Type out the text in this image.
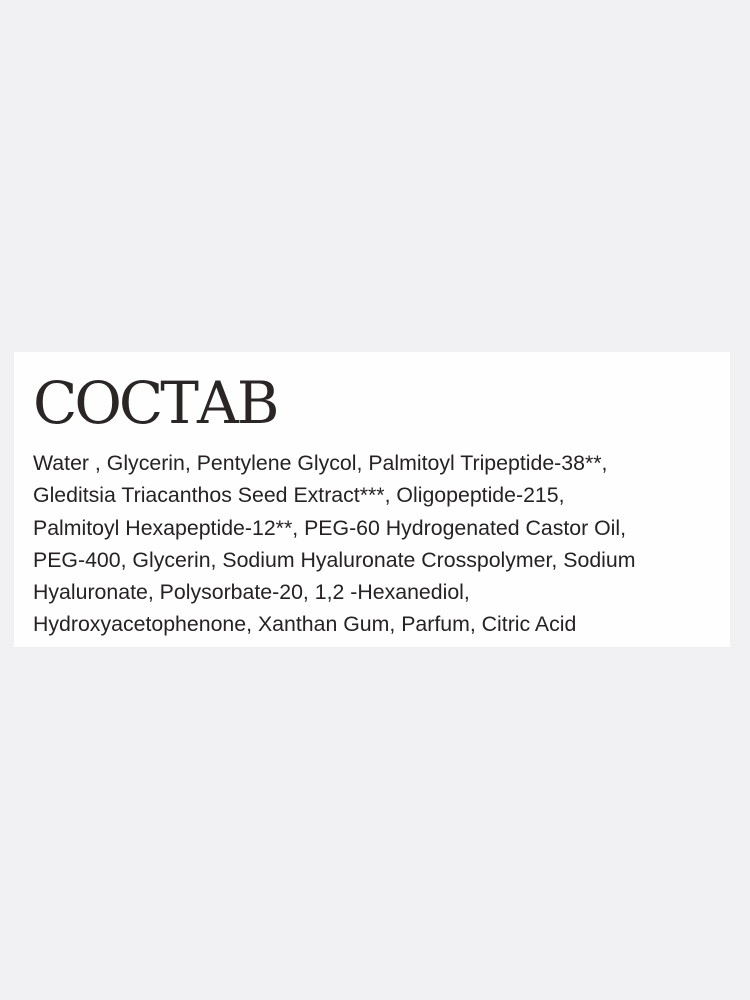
СОСТАВ
Water , Glycerin, Pentylene Glycol, Palmitoyl Tripeptide-38**,
Gleditsia Triacanthos Seed Extract***, Oligopeptide-215,
Palmitoyl Hexapeptide-12**, PEG-60 Hydrogenated Castor Oil,
PEG-400, Glycerin, Sodium Hyaluronate Crosspolymer, Sodium
Hyaluronate, Polysorbate-20, 1,2 -Hexanediol,
Hydroxyacetophenone, Xanthan Gum, Parfum, Citric Acid
